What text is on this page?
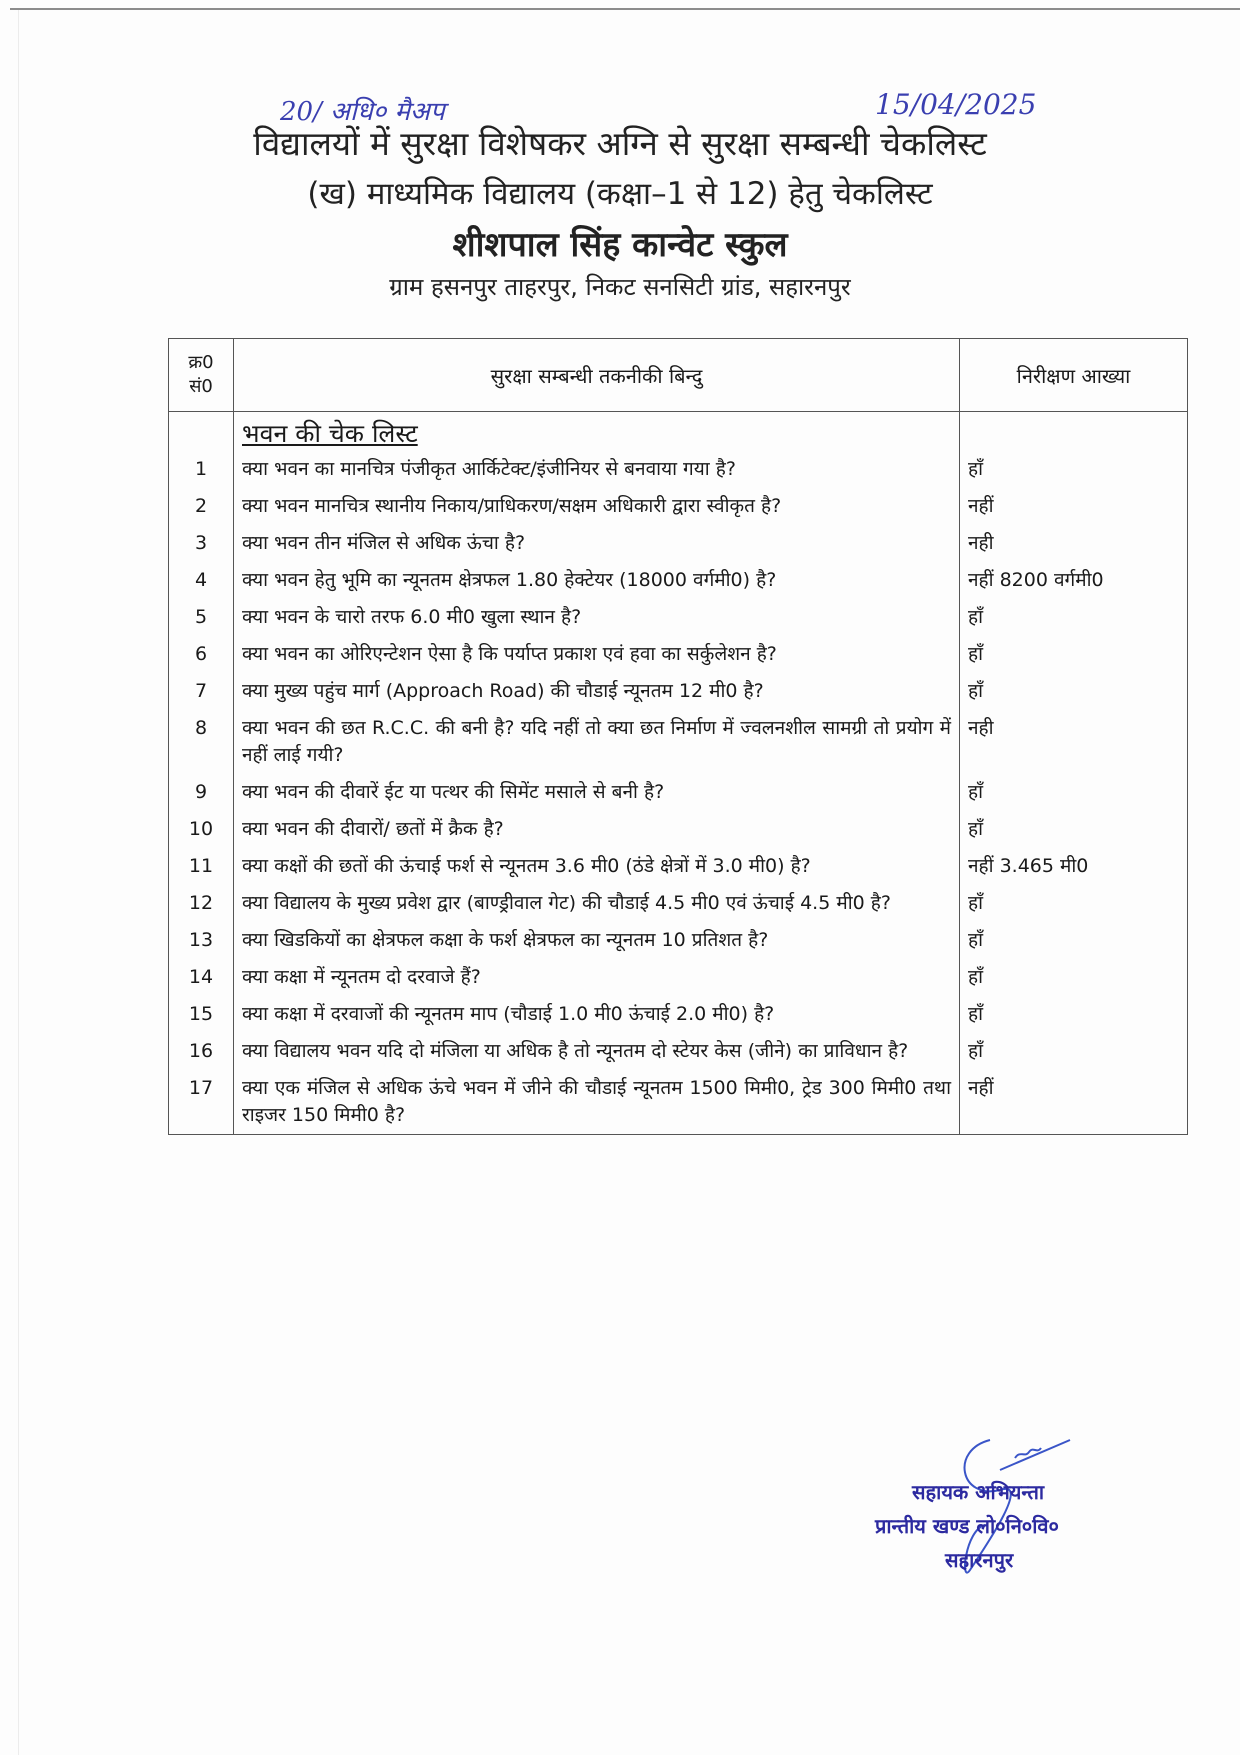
20/ अधि० मैअप	15/04/2025
विद्यालयों में सुरक्षा विशेषकर अग्नि से सुरक्षा सम्बन्धी चेकलिस्ट
(ख) माध्यमिक विद्यालय (कक्षा–1 से 12) हेतु चेकलिस्ट
शीशपाल सिंह कान्वेट स्कुल
ग्राम हसनपुर ताहरपुर, निकट सनसिटी ग्रांड, सहारनपुर
क्र0 सं0	सुरक्षा सम्बन्धी तकनीकी बिन्दु	निरीक्षण आख्या
	भवन की चेक लिस्ट	
1	क्या भवन का मानचित्र पंजीकृत आर्किटेक्ट/इंजीनियर से बनवाया गया है?	हाँ
2	क्या भवन मानचित्र स्थानीय निकाय/प्राधिकरण/सक्षम अधिकारी द्वारा स्वीकृत है?	नहीं
3	क्या भवन तीन मंजिल से अधिक ऊंचा है?	नही
4	क्या भवन हेतु भूमि का न्यूनतम क्षेत्रफल 1.80 हेक्टेयर (18000 वर्गमी0) है?	नहीं 8200 वर्गमी0
5	क्या भवन के चारो तरफ 6.0 मी0 खुला स्थान है?	हाँ
6	क्या भवन का ओरिएन्टेशन ऐसा है कि पर्याप्त प्रकाश एवं हवा का सर्कुलेशन है?	हाँ
7	क्या मुख्य पहुंच मार्ग (Approach Road) की चौडाई न्यूनतम 12 मी0 है?	हाँ
8	क्या भवन की छत R.C.C. की बनी है? यदि नहीं तो क्या छत निर्माण में ज्वलनशील सामग्री तो प्रयोग में नहीं लाई गयी?	नही
9	क्या भवन की दीवारें ईट या पत्थर की सिमेंट मसाले से बनी है?	हाँ
10	क्या भवन की दीवारों/ छतों में क्रैक है?	हाँ
11	क्या कक्षों की छतों की ऊंचाई फर्श से न्यूनतम 3.6 मी0 (ठंडे क्षेत्रों में 3.0 मी0) है?	नहीं 3.465 मी0
12	क्या विद्यालय के मुख्य प्रवेश द्वार (बाण्ड्रीवाल गेट) की चौडाई 4.5 मी0 एवं ऊंचाई 4.5 मी0 है?	हाँ
13	क्या खिडकियों का क्षेत्रफल कक्षा के फर्श क्षेत्रफल का न्यूनतम 10 प्रतिशत है?	हाँ
14	क्या कक्षा में न्यूनतम दो दरवाजे हैं?	हाँ
15	क्या कक्षा में दरवाजों की न्यूनतम माप (चौडाई 1.0 मी0 ऊंचाई 2.0 मी0) है?	हाँ
16	क्या विद्यालय भवन यदि दो मंजिला या अधिक है तो न्यूनतम दो स्टेयर केस (जीने) का प्राविधान है?	हाँ
17	क्या एक मंजिल से अधिक ऊंचे भवन में जीने की चौडाई न्यूनतम 1500 मिमी0, ट्रेड 300 मिमी0 तथा राइजर 150 मिमी0 है?	नहीं
सहायक अभियन्ता
प्रान्तीय खण्ड लो०नि०वि०
सहारनपुर
